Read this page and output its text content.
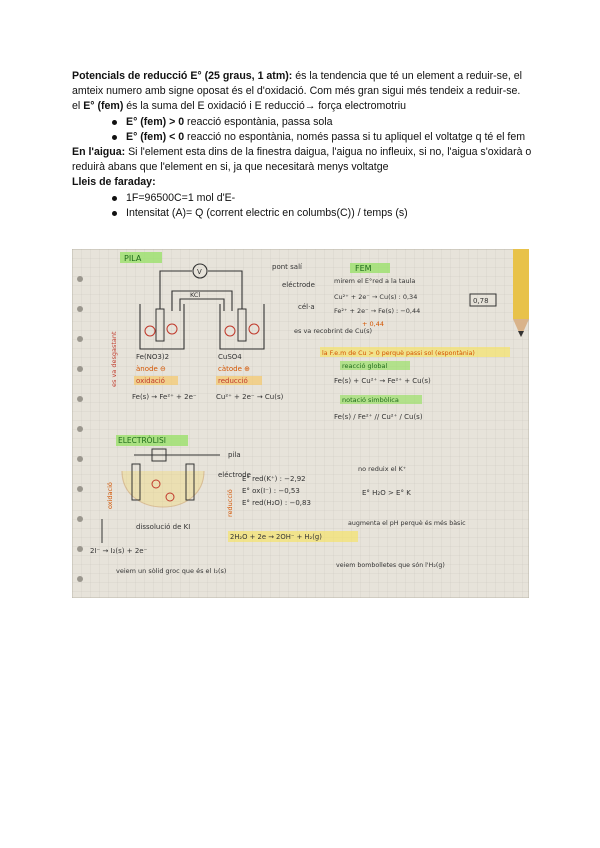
Potencials de reducció E° (25 graus, 1 atm): és la tendencia que té un element a reduir-se, el amteix numero amb signe oposat és el d'oxidació. Com més gran sigui més tendeix a reduir-se.

el E° (fem) és la suma del E oxidació i E reducció→ força electromotriu

E° (fem) > 0 reacció espontània, passa sola
E° (fem) < 0 reacció no espontània, només passa si tu apliquel el voltatge q té el fem

En l'aigua: Si l'element esta dins de la finestra daigua, l'aigua no infleuix, si no, l'aigua s'oxidarà o reduirà abans que l'element en si, ja que necesitarà menys voltatge

Lleis de faraday:

1F=96500C=1 mol d'E-
Intensitat (A)= Q (corrent electric en columbs(C)) / temps (s)
PILA
V
KCl
pont salí
eléctrode
cél·a
es va recobrint de Cu(s)
Fe(NO3)2	CuSO4
ànode ⊖	càtode ⊕
oxidació	reducció
Fe(s) → Fe²⁺ + 2e⁻	Cu²⁺ + 2e⁻ → Cu(s)
es va desgastant
FEM
mirem el E°red a la taula
Cu²⁺ + 2e⁻ → Cu(s) : 0,34
Fe²⁺ + 2e⁻ → Fe(s) : −0,44
+ 0,44
0,78
la F.e.m de Cu > 0 perquè passi sol (espontània)
reacció global
Fe(s) + Cu²⁺ → Fe²⁺ + Cu(s)
notació simbòlica
Fe(s) / Fe²⁺ // Cu²⁺ / Cu(s)
ELECTRÒLISI
pila
eléctrode
dissolució de KI
oxidació	reducció
2I⁻ → I₂(s) + 2e⁻
veiem un sòlid groc que és el I₂(s)
E° red(K⁺) : −2,92
E° ox(I⁻) : −0,53
E° red(H₂O) : −0,83
no reduix el K⁺
E° H₂O > E° K
2H₂O + 2e → 2OH⁻ + H₂(g)
augmenta el pH perquè és més bàsic
veiem bombolletes que són l'H₂(g)
